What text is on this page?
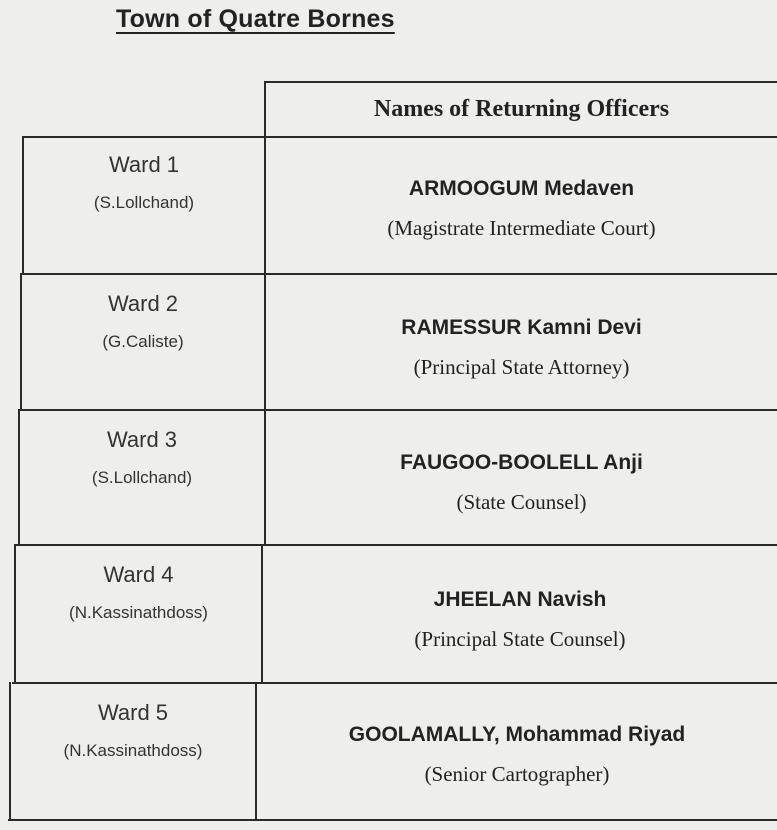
Town of Quatre Bornes
Names of Returning Officers
Ward 1
(S.Lollchand)
ARMOOGUM Medaven
(Magistrate Intermediate Court)
Ward 2
(G.Caliste)
RAMESSUR Kamni Devi
(Principal State Attorney)
Ward 3
(S.Lollchand)
FAUGOO-BOOLELL Anji
(State Counsel)
Ward 4
(N.Kassinathdoss)
JHEELAN Navish
(Principal State Counsel)
Ward 5
(N.Kassinathdoss)
GOOLAMALLY, Mohammad Riyad
(Senior Cartographer)
